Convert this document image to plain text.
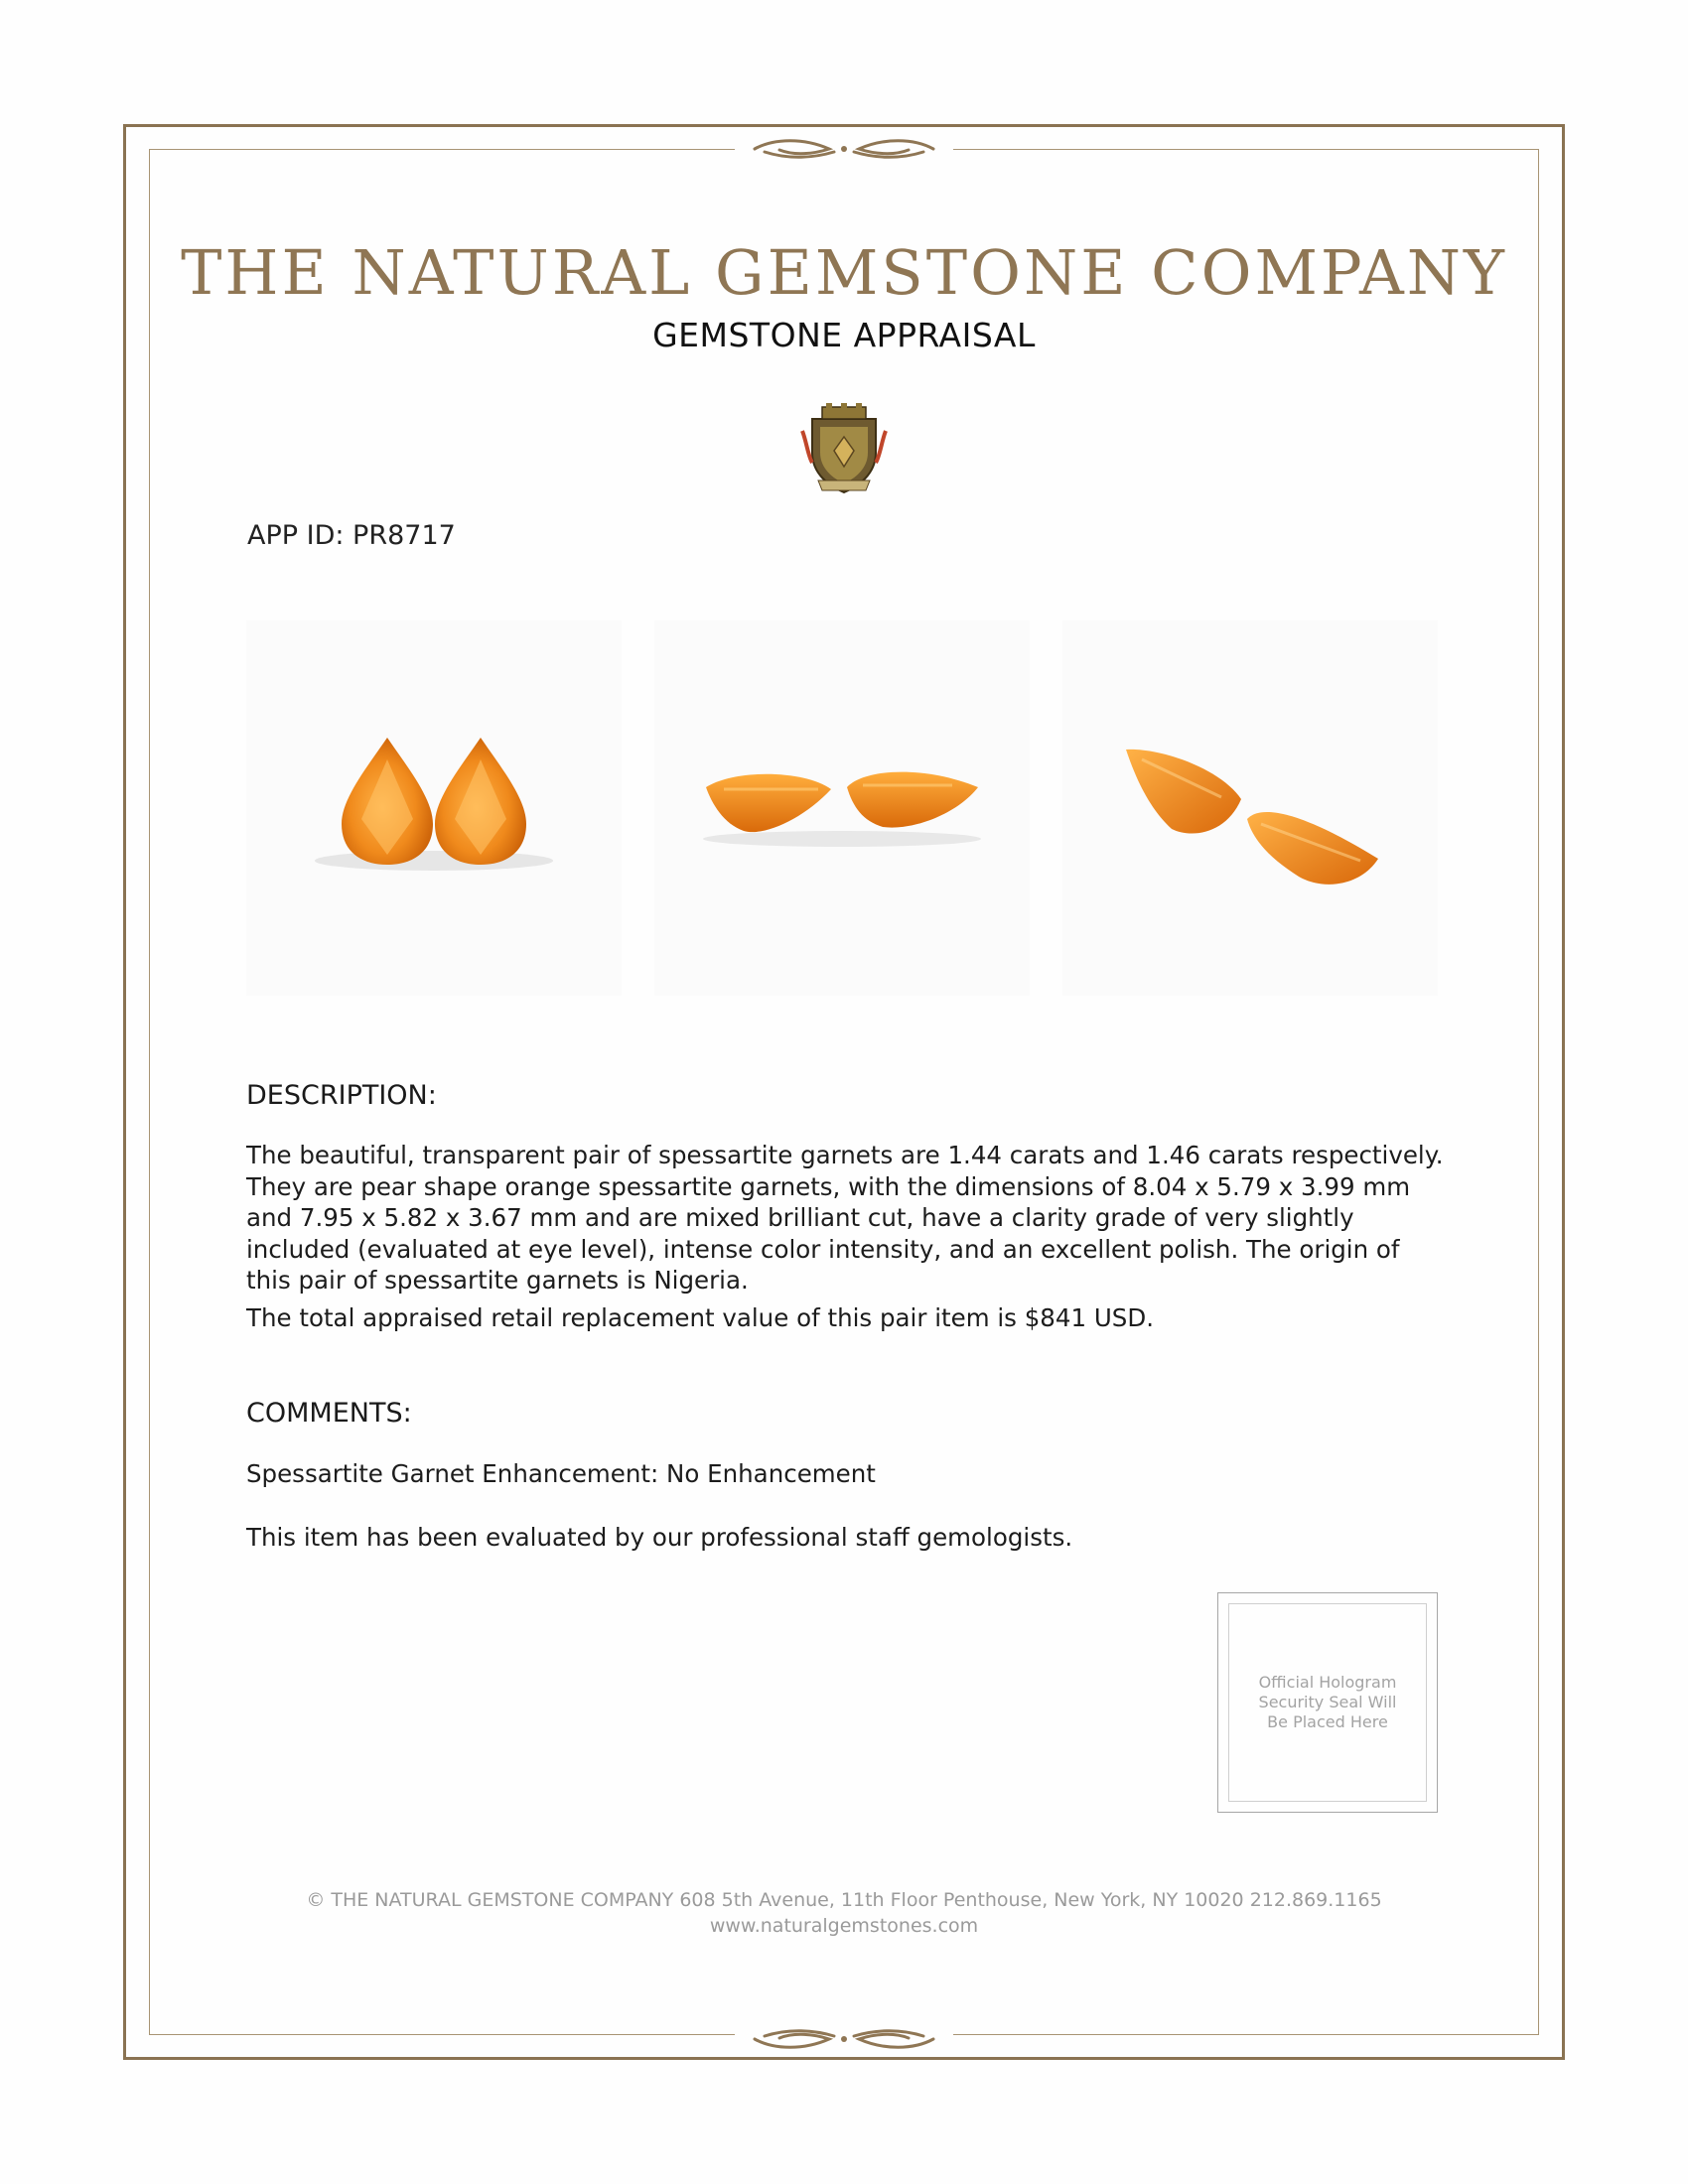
THE NATURAL GEMSTONE COMPANY
GEMSTONE APPRAISAL
APP ID: PR8717
DESCRIPTION:
The beautiful, transparent pair of spessartite garnets are 1.44 carats and 1.46 carats respectively. They are pear shape orange spessartite garnets, with the dimensions of 8.04 x 5.79 x 3.99 mm and 7.95 x 5.82 x 3.67 mm and are mixed brilliant cut, have a clarity grade of very slightly included (evaluated at eye level), intense color intensity, and an excellent polish. The origin of this pair of spessartite garnets is Nigeria.
The total appraised retail replacement value of this pair item is $841 USD.
COMMENTS:
Spessartite Garnet Enhancement: No Enhancement
This item has been evaluated by our professional staff gemologists.
Official Hologram Security Seal Will Be Placed Here
© THE NATURAL GEMSTONE COMPANY 608 5th Avenue, 11th Floor Penthouse, New York, NY 10020 212.869.1165
www.naturalgemstones.com
